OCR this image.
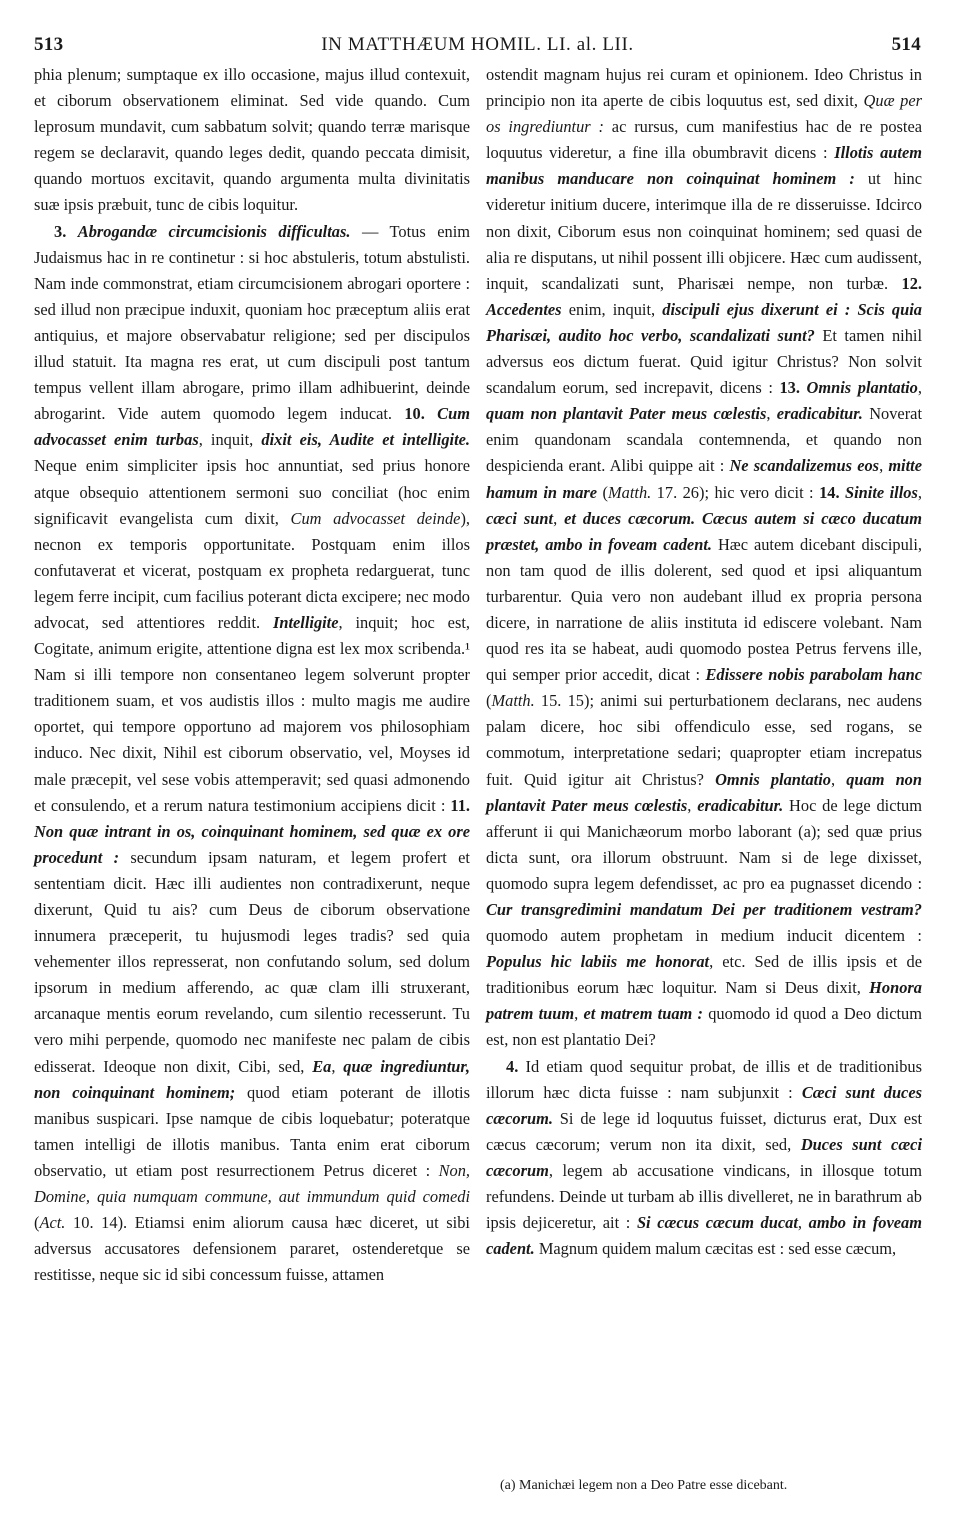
513	IN MATTHÆUM HOMIL. LI. al. LII.	514

phia plenum; sumptaque ex illo occasione, majus illud contexuit, et ciborum observationem eliminat. Sed vide quando. Cum leprosum mundavit, cum sabbatum solvit; quando terræ marisque regem se declaravit, quando leges dedit, quando peccata dimisit, quando mortuos excitavit, quando argumenta multa divinitatis suæ ipsis præbuit, tunc de cibis loquitur.

3. Abrogandæ circumcisionis difficultas. — Totus enim Judaismus hac in re continetur : si hoc abstuleris, totum abstulisti. Nam inde commonstrat, etiam circumcisionem abrogari oportere : sed illud non præcipue induxit, quoniam hoc præceptum aliis erat antiquius, et majore observabatur religione; sed per discipulos illud statuit. Ita magna res erat, ut cum discipuli post tantum tempus vellent illam abrogare, primo illam adhibuerint, deinde abrogarint. Vide autem quomodo legem inducat. 10. Cum advocasset enim turbas, inquit, dixit eis, Audite et intelligite. Neque enim simpliciter ipsis hoc annuntiat, sed prius honore atque obsequio attentionem sermoni suo conciliat (hoc enim significavit evangelista cum dixit, Cum advocasset deinde), necnon ex temporis opportunitate. Postquam enim illos confutaverat et vicerat, postquam ex propheta redarguerat, tunc legem ferre incipit, cum facilius poterant dicta excipere; nec modo advocat, sed attentiores reddit. Intelligite, inquit; hoc est, Cogitate, animum erigite, attentione digna est lex mox scribenda.¹ Nam si illi tempore non consentaneo legem solverunt propter traditionem suam, et vos audistis illos : multo magis me audire oportet, qui tempore opportuno ad majorem vos philosophiam induco. Nec dixit, Nihil est ciborum observatio, vel, Moyses id male præcepit, vel sese vobis attemperavit; sed quasi admonendo et consulendo, et a rerum natura testimonium accipiens dicit : 11. Non quæ intrant in os, coinquinant hominem, sed quæ ex ore procedunt : secundum ipsam naturam, et legem profert et sententiam dicit. Hæc illi audientes non contradixerunt, neque dixerunt, Quid tu ais? cum Deus de ciborum observatione innumera præceperit, tu hujusmodi leges tradis? sed quia vehementer illos represserat, non confutando solum, sed dolum ipsorum in medium afferendo, ac quæ clam illi struxerant, arcanaque mentis eorum revelando, cum silentio recesserunt. Tu vero mihi perpende, quomodo nec manifeste nec palam de cibis edisserat. Ideoque non dixit, Cibi, sed, Ea, quæ ingrediuntur, non coinquinant hominem; quod etiam poterant de illotis manibus suspicari. Ipse namque de cibis loquebatur; poteratque tamen intelligi de illotis manibus. Tanta enim erat ciborum observatio, ut etiam post resurrectionem Petrus diceret : Non, Domine, quia numquam commune, aut immundum quid comedi (Act. 10. 14). Etiamsi enim aliorum causa hæc diceret, ut sibi adversus accusatores defensionem pararet, ostenderetque se restitisse, neque sic id sibi concessum fuisse, attamen

ostendit magnam hujus rei curam et opinionem. Ideo Christus in principio non ita aperte de cibis loquutus est, sed dixit, Quæ per os ingrediuntur : ac rursus, cum manifestius hac de re postea loquutus videretur, a fine illa obumbravit dicens : Illotis autem manibus manducare non coinquinat hominem : ut hinc videretur initium ducere, interimque illa de re disseruisse. Idcirco non dixit, Ciborum esus non coinquinat hominem; sed quasi de alia re disputans, ut nihil possent illi objicere. Hæc cum audissent, inquit, scandalizati sunt, Pharisæi nempe, non turbæ. 12. Accedentes enim, inquit, discipuli ejus dixerunt ei : Scis quia Pharisæi, audito hoc verbo, scandalizati sunt? Et tamen nihil adversus eos dictum fuerat. Quid igitur Christus? Non solvit scandalum eorum, sed increpavit, dicens : 13. Omnis plantatio, quam non plantavit Pater meus cœlestis, eradicabitur. Noverat enim quandonam scandala contemnenda, et quando non despicienda erant. Alibi quippe ait : Ne scandalizemus eos, mitte hamum in mare (Matth. 17. 26); hic vero dicit : 14. Sinite illos, cæci sunt, et duces cæcorum. Cæcus autem si cæco ducatum præstet, ambo in foveam cadent. Hæc autem dicebant discipuli, non tam quod de illis dolerent, sed quod et ipsi aliquantum turbarentur. Quia vero non audebant illud ex propria persona dicere, in narratione de aliis instituta id ediscere volebant. Nam quod res ita se habeat, audi quomodo postea Petrus fervens ille, qui semper prior accedit, dicat : Edissere nobis parabolam hanc (Matth. 15. 15); animi sui perturbationem declarans, nec audens palam dicere, hoc sibi offendiculo esse, sed rogans, se commotum, interpretatione sedari; quapropter etiam increpatus fuit. Quid igitur ait Christus? Omnis plantatio, quam non plantavit Pater meus cœlestis, eradicabitur. Hoc de lege dictum afferunt ii qui Manichæorum morbo laborant (a); sed quæ prius dicta sunt, ora illorum obstruunt. Nam si de lege dixisset, quomodo supra legem defendisset, ac pro ea pugnasset dicendo : Cur transgredimini mandatum Dei per traditionem vestram? quomodo autem prophetam in medium inducit dicentem : Populus hic labiis me honorat, etc. Sed de illis ipsis et de traditionibus eorum hæc loquitur. Nam si Deus dixit, Honora patrem tuum, et matrem tuam : quomodo id quod a Deo dictum est, non est plantatio Dei?

4. Id etiam quod sequitur probat, de illis et de traditionibus illorum hæc dicta fuisse : nam subjunxit : Cæci sunt duces cæcorum. Si de lege id loquutus fuisset, dicturus erat, Dux est cæcus cæcorum; verum non ita dixit, sed, Duces sunt cæci cæcorum, legem ab accusatione vindicans, in illosque totum refundens. Deinde ut turbam ab illis divelleret, ne in barathrum ab ipsis dejiceretur, ait : Si cæcus cæcum ducat, ambo in foveam cadent. Magnum quidem malum cæcitas est : sed esse cæcum,

(a) Manichæi legem non a Deo Patre esse dicebant.
